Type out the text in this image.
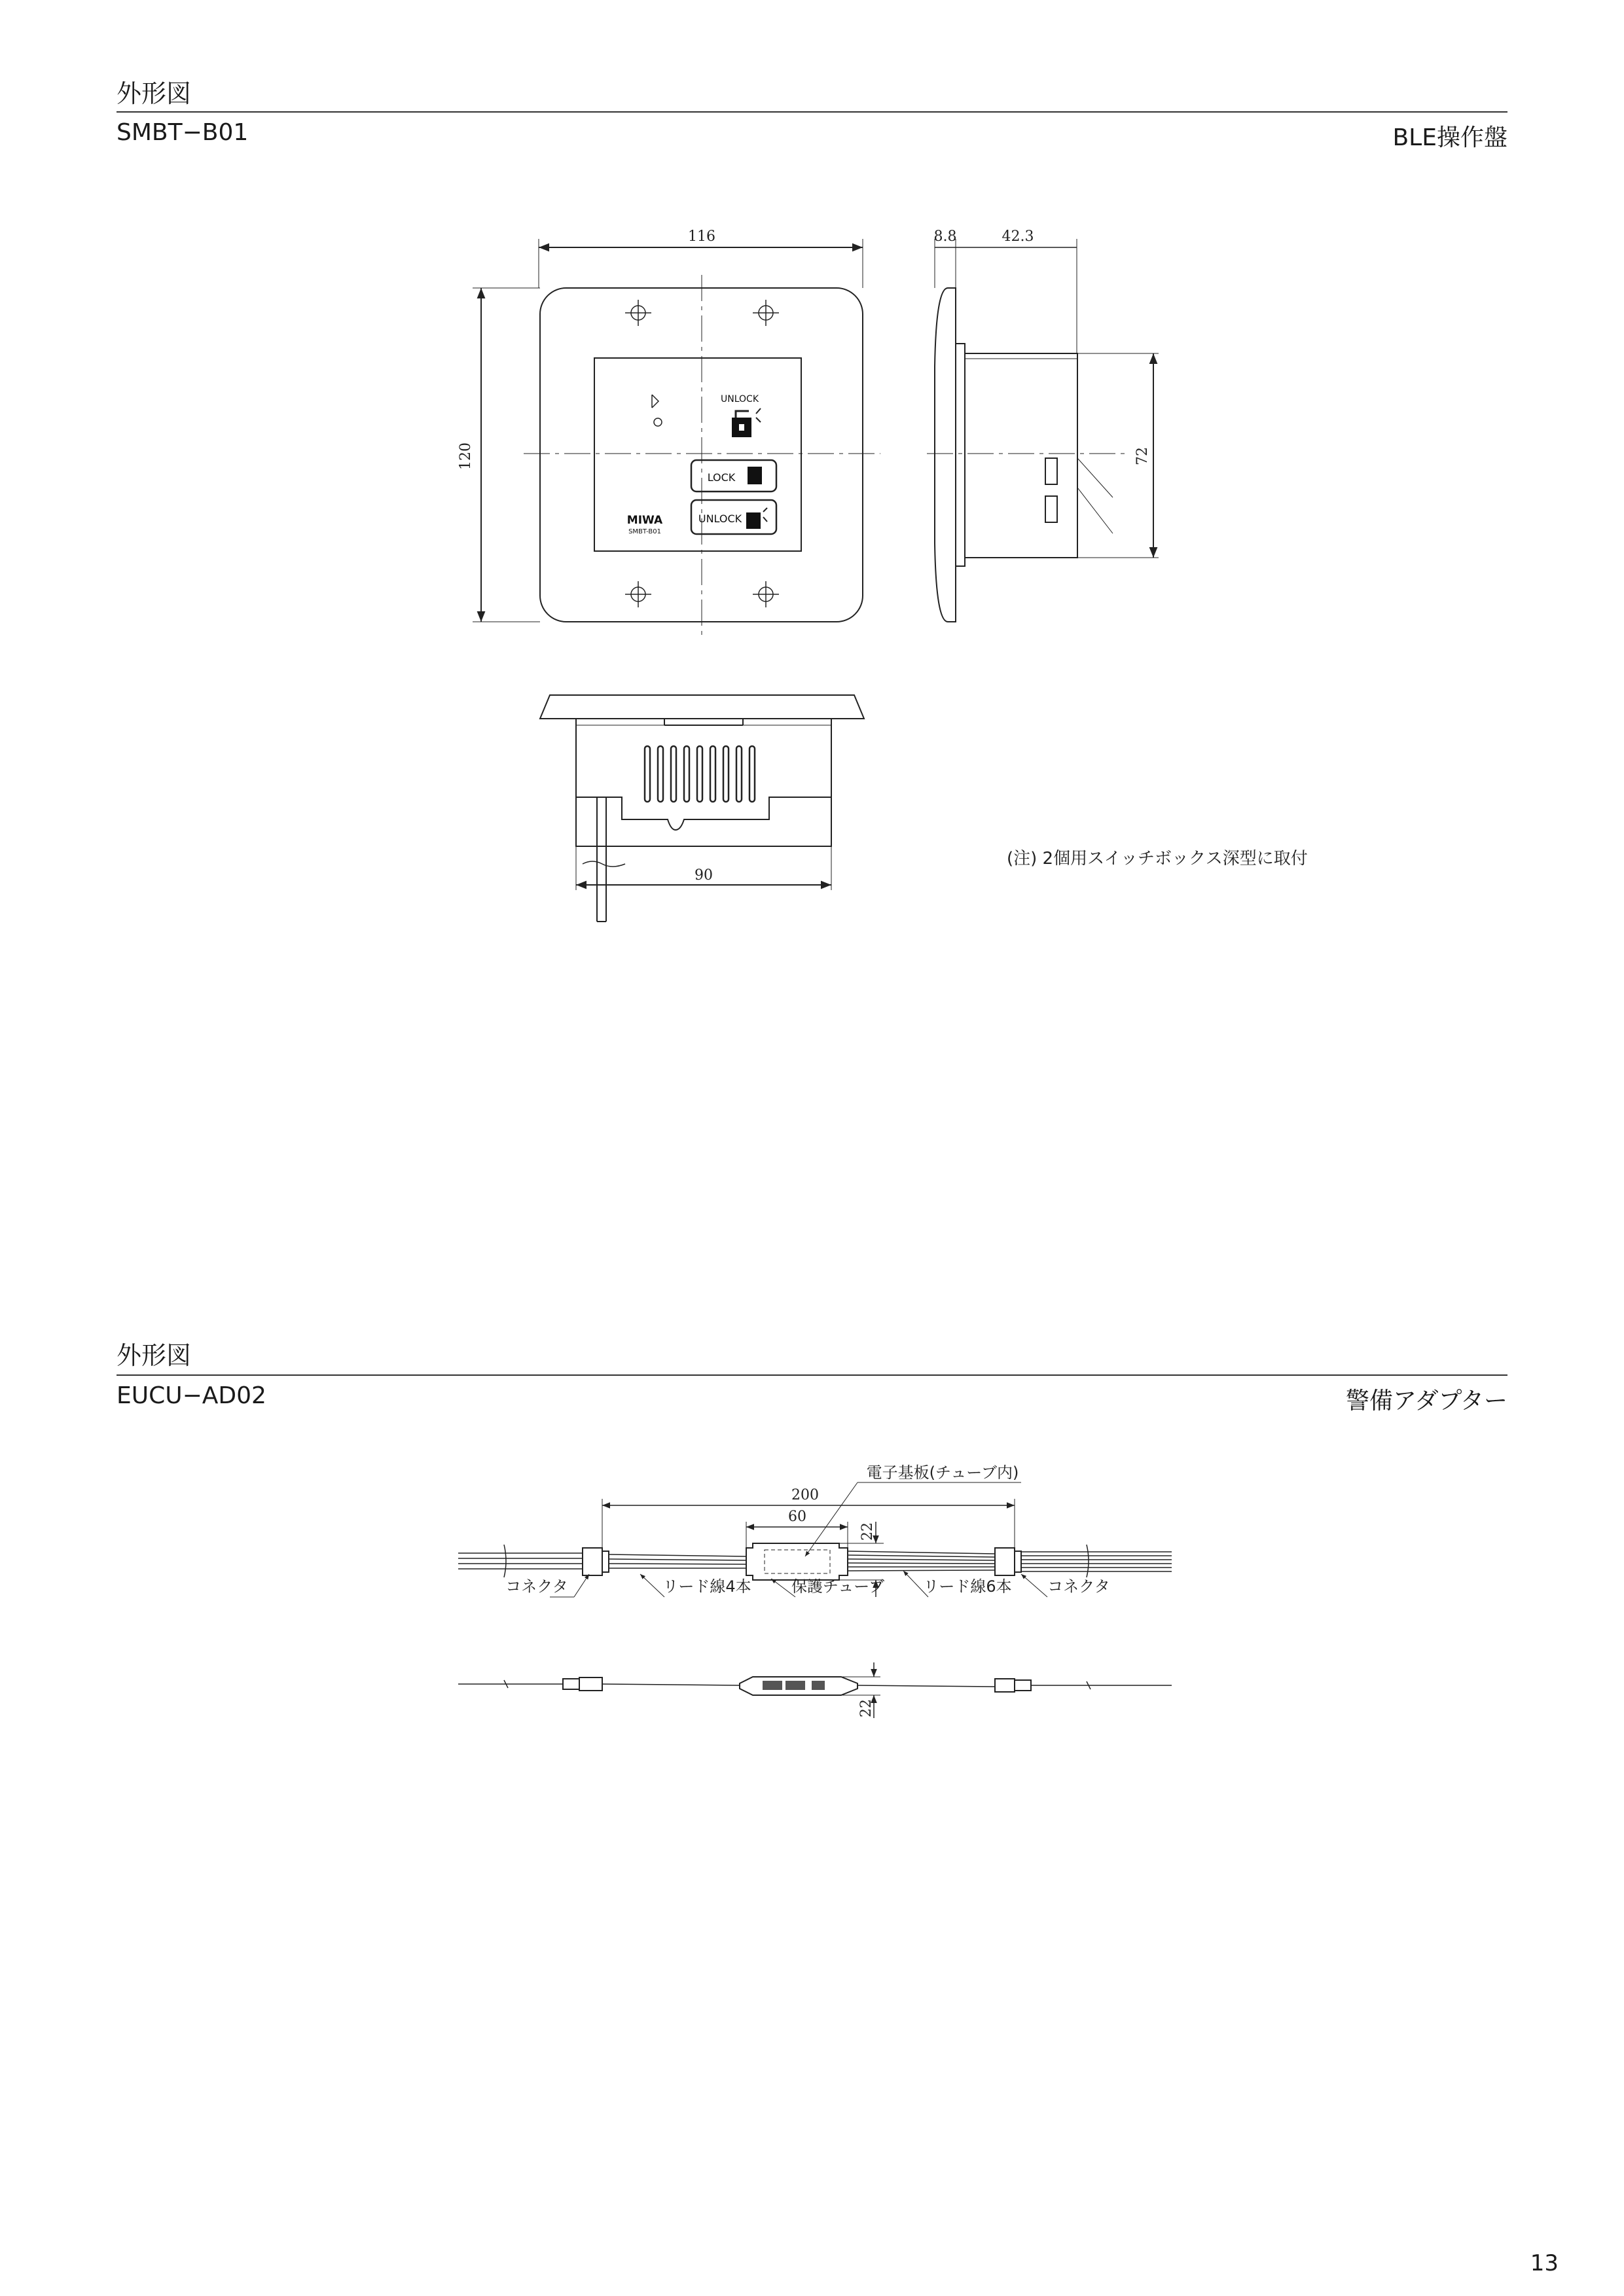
外形図
SMBT−B01	BLE操作盤
外形図
EUCU−AD02	警備アダプター
13
116
120
UNLOCK
LOCK
UNLOCK
MIWA
SMBT-B01
8.8	42.3
72
90
(注) 2個用スイッチボックス深型に取付
200
60
22
電子基板(チューブ内)
コネクタ	リード線4本	保護チューブ リード線6本 コネクタ
22
